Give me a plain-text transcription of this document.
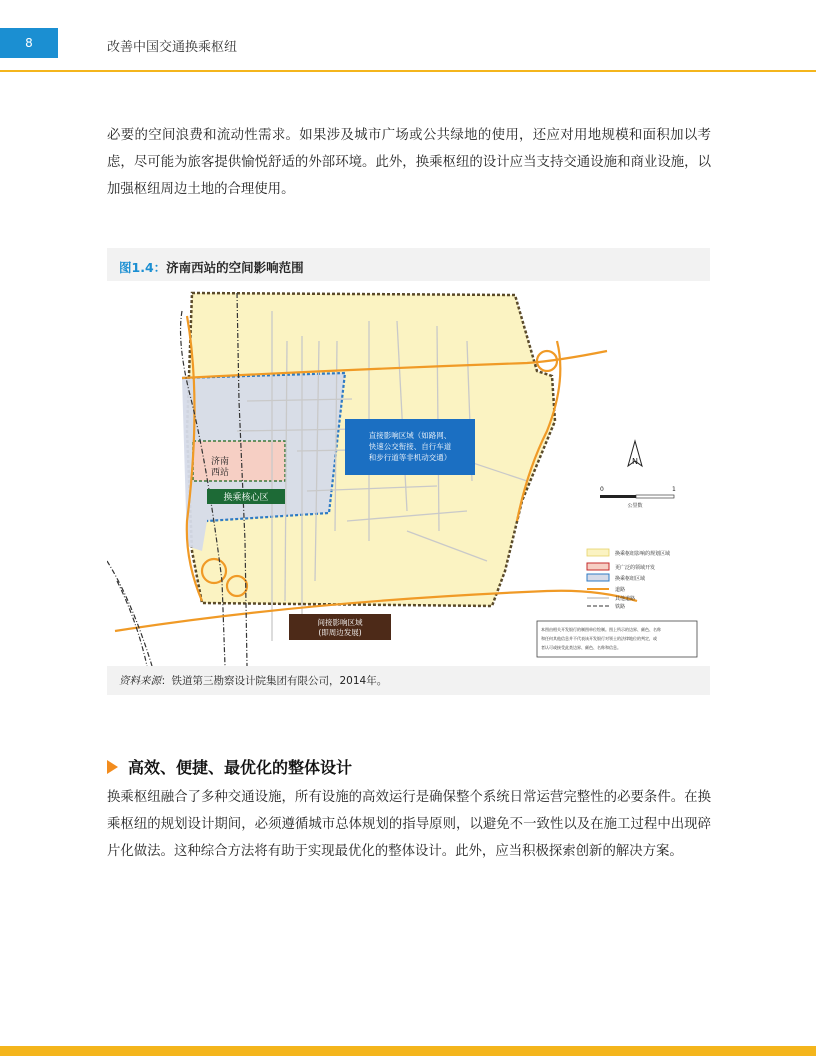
8	改善中国交通换乘枢纽

必要的空间浪费和流动性需求。如果涉及城市广场或公共绿地的使用，还应对用地规模和面积加以考虑，尽可能为旅客提供愉悦舒适的外部环境。此外，换乘枢纽的设计应当支持交通设施和商业设施，以加强枢纽周边土地的合理使用。

图1.4：济南西站的空间影响范围
济南
西站
换乘核心区
直接影响区域（如路网、
快速公交衔接、自行车道
和步行道等非机动交通）
间接影响区域
(即周边发展)
N
0	1
公里数
换乘枢纽影响的规划区域
更广泛的领域开发
换乘枢纽区域
道路
其他道路
铁路
本图由相关开发银行的制图单位绘制。图上所示的边界、颜色、名称
和任何其他信息并不代表该开发银行对领土的法律地位的判定，或
者认可或接受此类边界、颜色、名称和信息。
资料来源：铁道第三勘察设计院集团有限公司，2014年。
高效、便捷、最优化的整体设计

换乘枢纽融合了多种交通设施，所有设施的高效运行是确保整个系统日常运营完整性的必要条件。在换乘枢纽的规划设计期间，必须遵循城市总体规划的指导原则，以避免不一致性以及在施工过程中出现碎片化做法。这种综合方法将有助于实现最优化的整体设计。此外，应当积极探索创新的解决方案。
